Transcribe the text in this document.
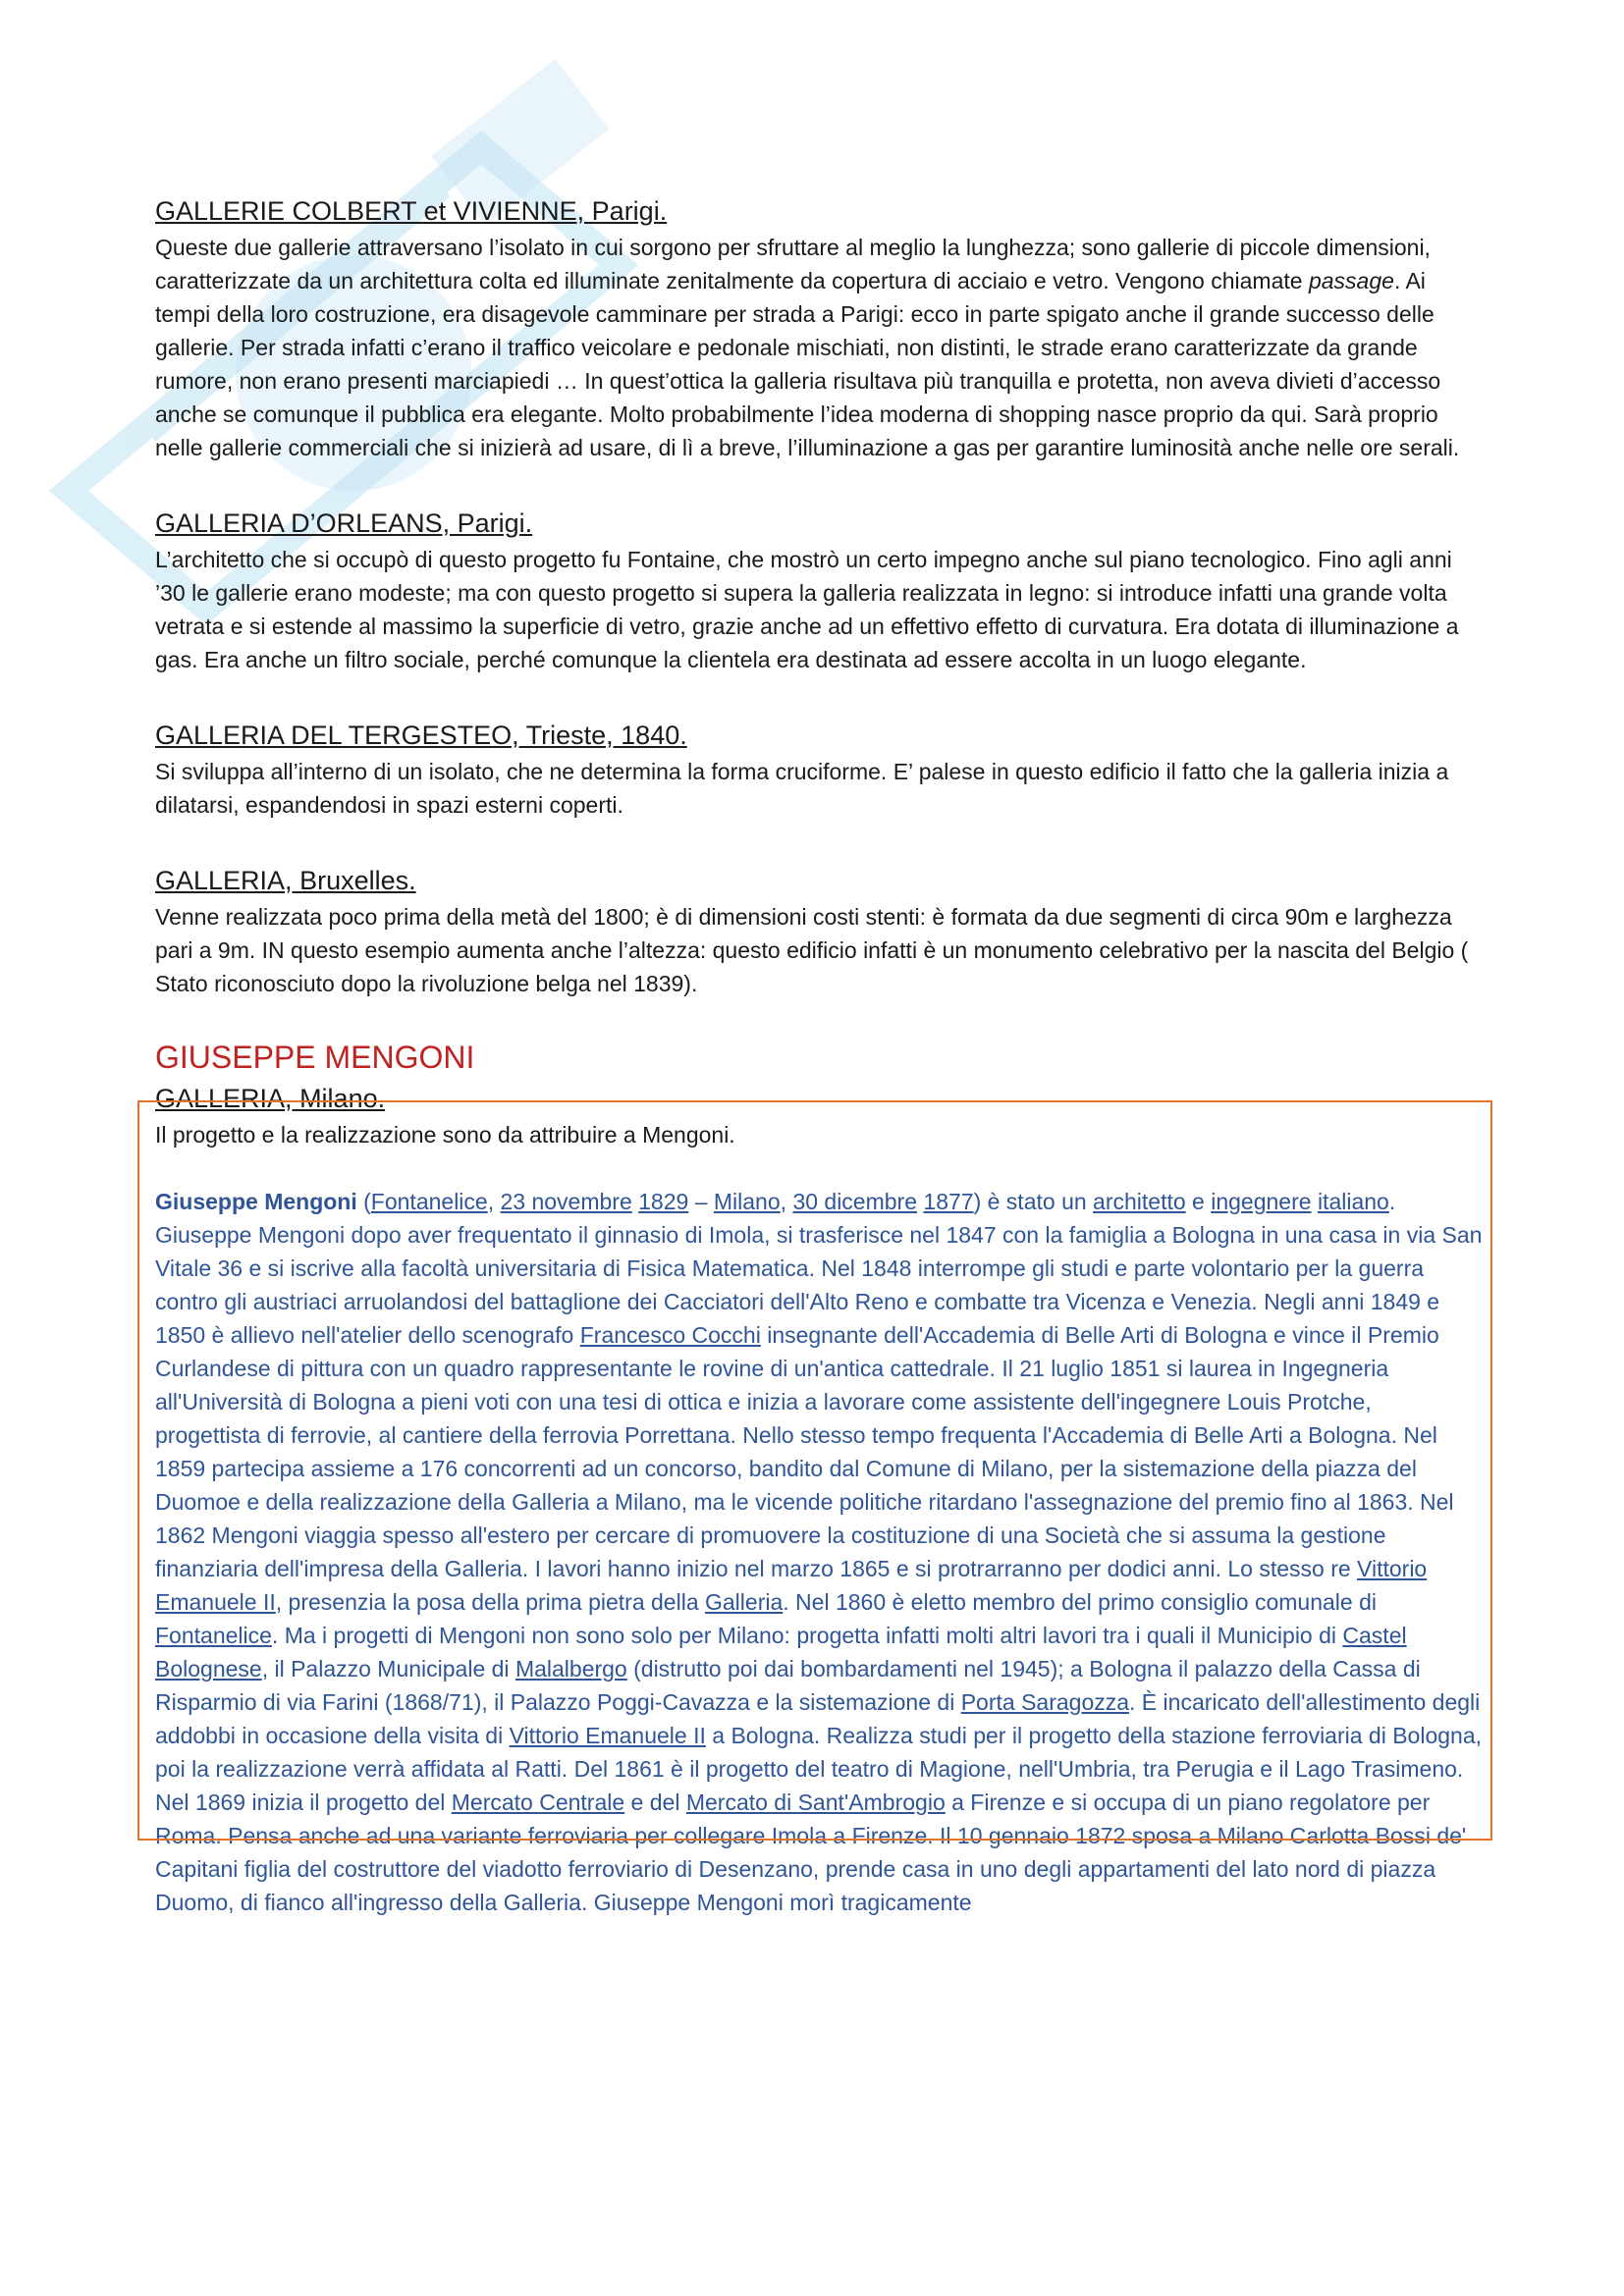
GALLERIE COLBERT et VIVIENNE, Parigi.

Queste due gallerie attraversano l’isolato in cui sorgono per sfruttare al meglio la lunghezza; sono gallerie di piccole dimensioni, caratterizzate da un architettura colta ed illuminate zenitalmente da copertura di acciaio e vetro. Vengono chiamate passage. Ai tempi della loro costruzione, era disagevole camminare per strada a Parigi: ecco in parte spigato anche il grande successo delle gallerie. Per strada infatti c’erano il traffico veicolare e pedonale mischiati, non distinti, le strade erano caratterizzate da grande rumore, non erano presenti marciapiedi … In quest’ottica la galleria risultava più tranquilla e protetta, non aveva divieti d’accesso anche se comunque il pubblica era elegante. Molto probabilmente l’idea moderna di shopping nasce proprio da qui. Sarà proprio nelle gallerie commerciali che si inizierà ad usare, di lì a breve, l’illuminazione a gas per garantire luminosità anche nelle ore serali.

GALLERIA D’ORLEANS, Parigi.

L’architetto che si occupò di questo progetto fu Fontaine, che mostrò un certo impegno anche sul piano tecnologico. Fino agli anni ’30 le gallerie erano modeste; ma con questo progetto si supera la galleria realizzata in legno: si introduce infatti una grande volta vetrata e si estende al massimo la superficie di vetro, grazie anche ad un effettivo effetto di curvatura. Era dotata di illuminazione a gas. Era anche un filtro sociale, perché comunque la clientela era destinata ad essere accolta in un luogo elegante.

GALLERIA DEL TERGESTEO, Trieste, 1840.

Si sviluppa all’interno di un isolato, che ne determina la forma cruciforme. E’ palese in questo edificio il fatto che la galleria inizia a dilatarsi, espandendosi in spazi esterni coperti.

GALLERIA, Bruxelles.

Venne realizzata poco prima della metà del 1800; è di dimensioni costi stenti: è formata da due segmenti di circa 90m e larghezza pari a 9m. IN questo esempio aumenta anche l’altezza: questo edificio infatti è un monumento celebrativo per la nascita del Belgio ( Stato riconosciuto dopo la rivoluzione belga nel 1839).

GIUSEPPE MENGONI

GALLERIA, Milano.

Il progetto e la realizzazione sono da attribuire a Mengoni.

Giuseppe Mengoni (Fontanelice, 23 novembre 1829 – Milano, 30 dicembre 1877) è stato un architetto e ingegnere italiano. Giuseppe Mengoni dopo aver frequentato il ginnasio di Imola, si trasferisce nel 1847 con la famiglia a Bologna in una casa in via San Vitale 36 e si iscrive alla facoltà universitaria di Fisica Matematica. Nel 1848 interrompe gli studi e parte volontario per la guerra contro gli austriaci arruolandosi del battaglione dei Cacciatori dell'Alto Reno e combatte tra Vicenza e Venezia. Negli anni 1849 e 1850 è allievo nell'atelier dello scenografo Francesco Cocchi insegnante dell'Accademia di Belle Arti di Bologna e vince il Premio Curlandese di pittura con un quadro rappresentante le rovine di un'antica cattedrale. Il 21 luglio 1851 si laurea in Ingegneria all'Università di Bologna a pieni voti con una tesi di ottica e inizia a lavorare come assistente dell'ingegnere Louis Protche, progettista di ferrovie, al cantiere della ferrovia Porrettana. Nello stesso tempo frequenta l'Accademia di Belle Arti a Bologna. Nel 1859 partecipa assieme a 176 concorrenti ad un concorso, bandito dal Comune di Milano, per la sistemazione della piazza del Duomoe e della realizzazione della Galleria a Milano, ma le vicende politiche ritardano l'assegnazione del premio fino al 1863. Nel 1862 Mengoni viaggia spesso all'estero per cercare di promuovere la costituzione di una Società che si assuma la gestione finanziaria dell'impresa della Galleria. I lavori hanno inizio nel marzo 1865 e si protrarranno per dodici anni. Lo stesso re Vittorio Emanuele II, presenzia la posa della prima pietra della Galleria. Nel 1860 è eletto membro del primo consiglio comunale di Fontanelice. Ma i progetti di Mengoni non sono solo per Milano: progetta infatti molti altri lavori tra i quali il Municipio di Castel Bolognese, il Palazzo Municipale di Malalbergo (distrutto poi dai bombardamenti nel 1945); a Bologna il palazzo della Cassa di Risparmio di via Farini (1868/71), il Palazzo Poggi-Cavazza e la sistemazione di Porta Saragozza. È incaricato dell'allestimento degli addobbi in occasione della visita di Vittorio Emanuele II a Bologna. Realizza studi per il progetto della stazione ferroviaria di Bologna, poi la realizzazione verrà affidata al Ratti. Del 1861 è il progetto del teatro di Magione, nell'Umbria, tra Perugia e il Lago Trasimeno. Nel 1869 inizia il progetto del Mercato Centrale e del Mercato di Sant'Ambrogio a Firenze e si occupa di un piano regolatore per Roma. Pensa anche ad una variante ferroviaria per collegare Imola a Firenze. Il 10 gennaio 1872 sposa a Milano Carlotta Bossi de' Capitani figlia del costruttore del viadotto ferroviario di Desenzano, prende casa in uno degli appartamenti del lato nord di piazza Duomo, di fianco all'ingresso della Galleria. Giuseppe Mengoni morì tragicamente
